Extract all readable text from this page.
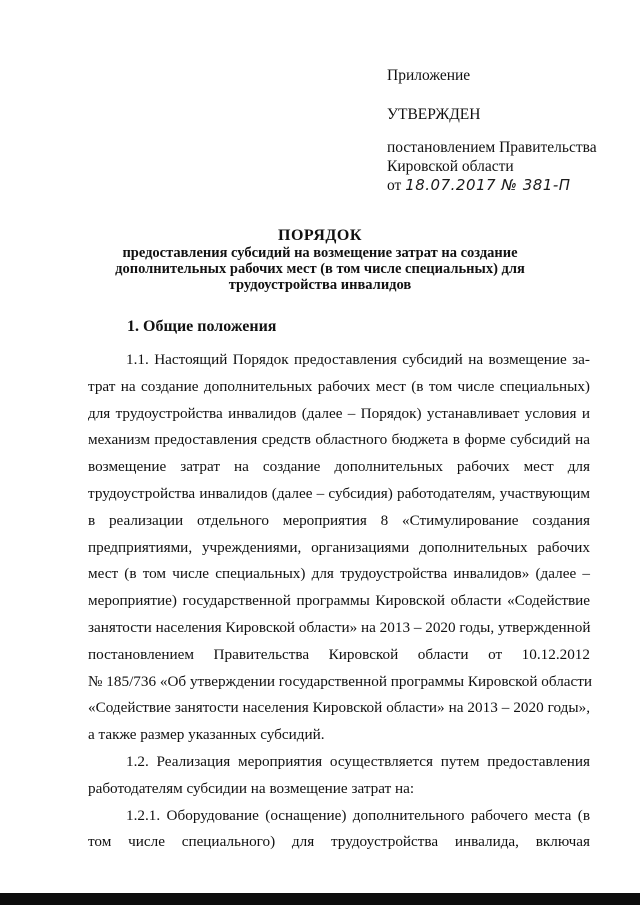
Приложение
УТВЕРЖДЕН
постановлением Правительства
Кировской области
от 18.07.2017 № 381-П
ПОРЯДОК
предоставления субсидий на возмещение затрат на создание
дополнительных рабочих мест (в том числе специальных) для
трудоустройства инвалидов
1. Общие положения
1.1. Настоящий Порядок предоставления субсидий на возмещение за-
трат на создание дополнительных рабочих мест (в том числе специальных)
для трудоустройства инвалидов (далее – Порядок) устанавливает условия и
механизм предоставления средств областного бюджета в форме субсидий на
возмещение затрат на создание дополнительных рабочих мест для
трудоустройства инвалидов (далее – субсидия) работодателям, участвующим
в реализации отдельного мероприятия 8 «Стимулирование создания
предприятиями, учреждениями, организациями дополнительных рабочих
мест (в том числе специальных) для трудоустройства инвалидов» (далее –
мероприятие) государственной программы Кировской области «Содействие
занятости населения Кировской области» на 2013 – 2020 годы, утвержденной
постановлением Правительства Кировской области от 10.12.2012
№ 185/736 «Об утверждении государственной программы Кировской области
«Содействие занятости населения Кировской области» на 2013 – 2020 годы»,
а также размер указанных субсидий.
1.2. Реализация мероприятия осуществляется путем предоставления
работодателям субсидии на возмещение затрат на:
1.2.1. Оборудование (оснащение) дополнительного рабочего места (в
том числе специального) для трудоустройства инвалида, включая
